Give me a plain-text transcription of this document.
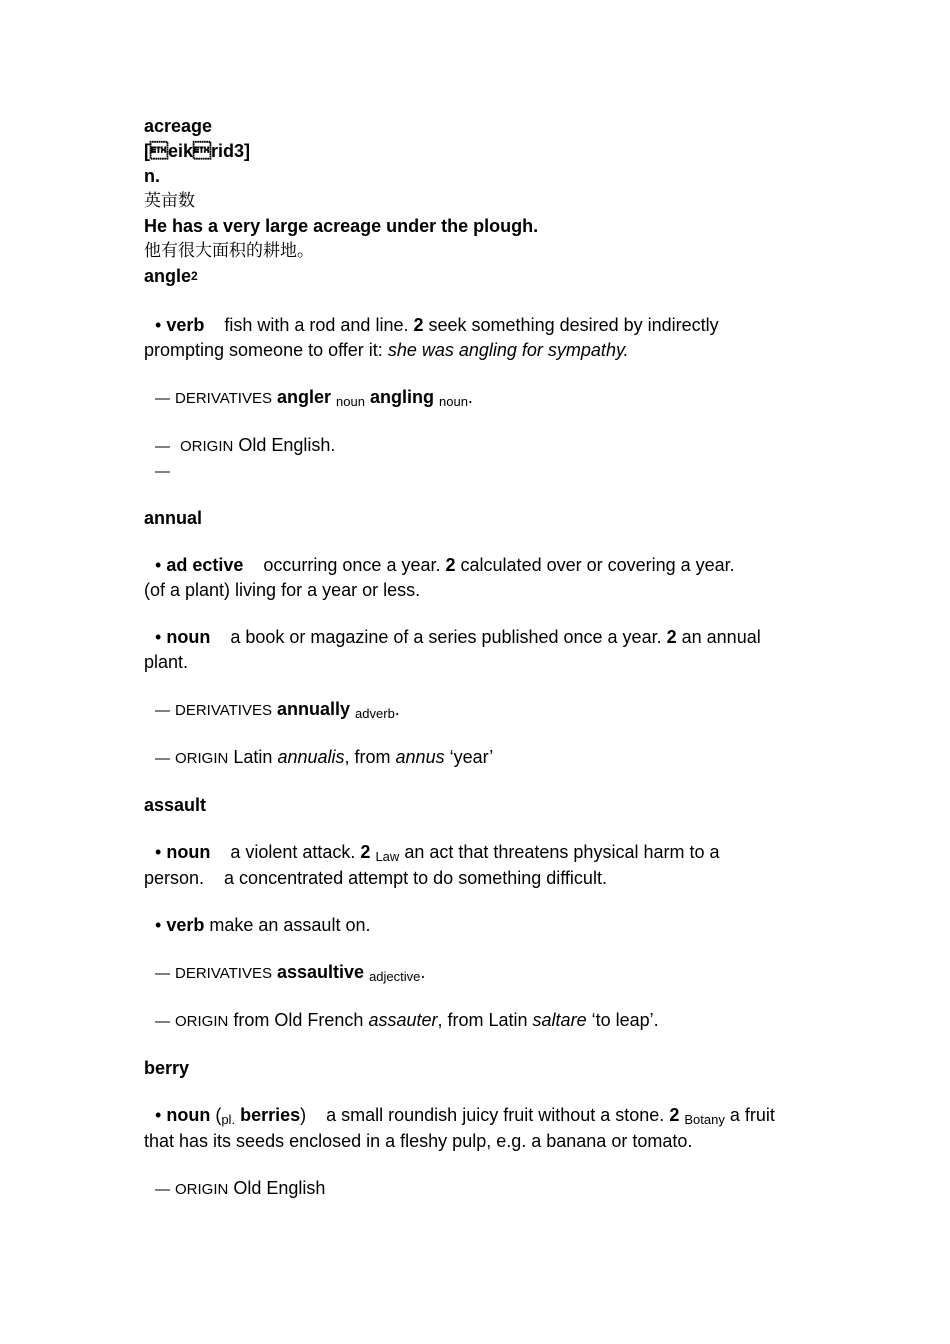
acreage
[eikrid3]
n.
英亩数
He has a very large acreage under the plough.
他有很大面积的耕地。
angle2
• verb fish with a rod and line. 2 seek something desired by indirectly
prompting someone to offer it: she was angling for sympathy.
— DERIVATIVES angler noun angling noun.
— ORIGIN Old English.
—
annual
• ad ective occurring once a year. 2 calculated over or covering a year.
(of a plant) living for a year or less.
• noun a book or magazine of a series published once a year. 2 an annual
plant.
— DERIVATIVES annually adverb.
— ORIGIN Latin annualis, from annus ‘year’
assault
• noun a violent attack. 2 Law an act that threatens physical harm to a
person. a concentrated attempt to do something difficult.
• verb make an assault on.
— DERIVATIVES assaultive adjective.
— ORIGIN from Old French assauter, from Latin saltare ‘to leap’.
berry
• noun (pl. berries) a small roundish juicy fruit without a stone. 2 Botany a fruit
that has its seeds enclosed in a fleshy pulp, e.g. a banana or tomato.
— ORIGIN Old English
